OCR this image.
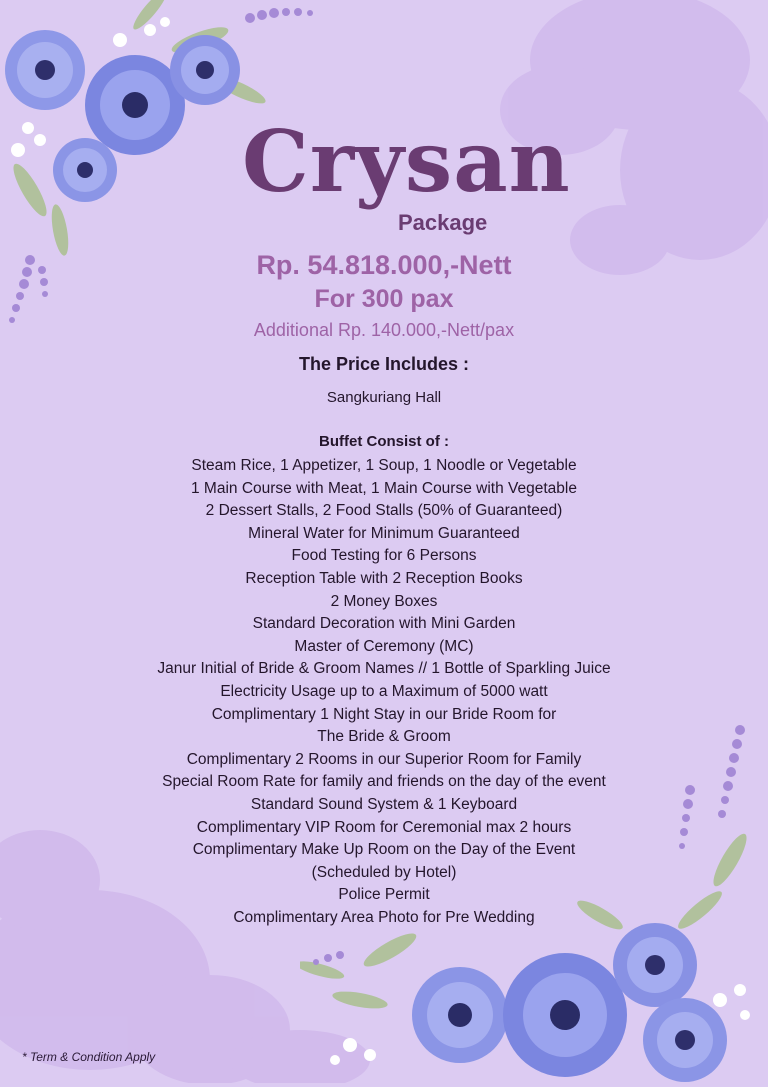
Crysan
Package
Rp. 54.818.000,-Nett
For 300 pax
Additional Rp. 140.000,-Nett/pax
The Price Includes :
Sangkuriang Hall
Buffet Consist of :
Steam Rice, 1 Appetizer, 1 Soup, 1 Noodle or Vegetable
1 Main Course with Meat, 1 Main Course with Vegetable
2 Dessert Stalls, 2 Food Stalls (50% of Guaranteed)
Mineral Water for Minimum Guaranteed
Food Testing for 6 Persons
Reception Table with 2 Reception Books
2 Money Boxes
Standard Decoration with Mini Garden
Master of Ceremony (MC)
Janur Initial of Bride & Groom Names // 1 Bottle of Sparkling Juice
Electricity Usage up to a Maximum of 5000 watt
Complimentary 1 Night Stay in our Bride Room for
The Bride & Groom
Complimentary 2 Rooms in our Superior Room for Family
Special Room Rate for family and friends on the day of the event
Standard Sound System & 1 Keyboard
Complimentary VIP Room for Ceremonial max 2 hours
Complimentary Make Up Room on the Day of the Event
(Scheduled by Hotel)
Police Permit
Complimentary Area Photo for Pre Wedding
* Term & Condition Apply
